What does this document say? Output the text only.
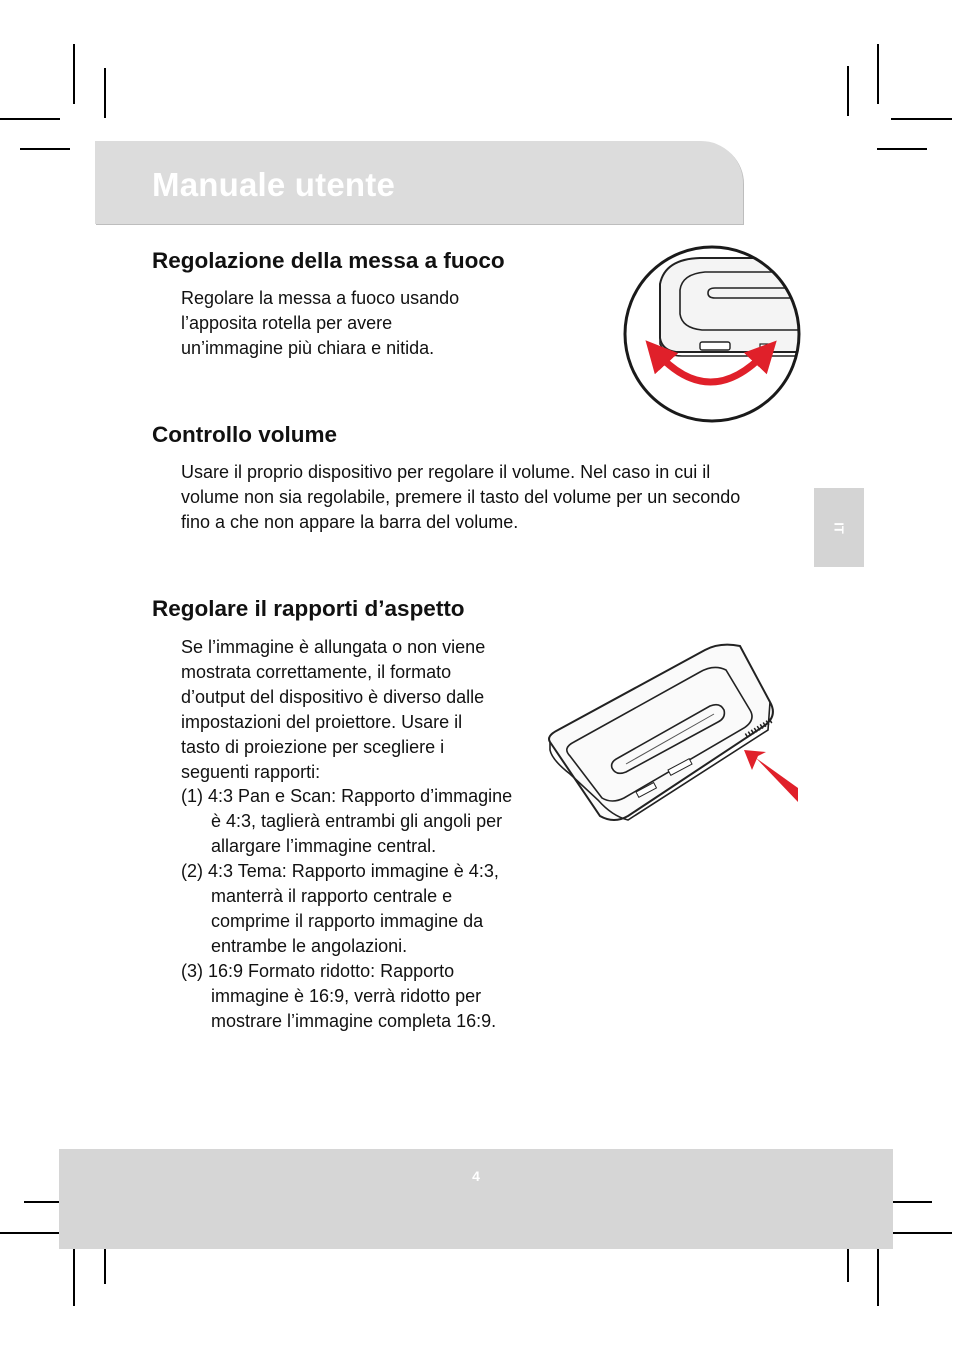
Manuale utente
Regolazione della messa a fuoco

Regolare la messa a fuoco usando
l’apposita rotella per avere
un’immagine più chiara e nitida.

Controllo volume

Usare il proprio dispositivo per regolare il volume. Nel caso in cui il
volume non sia regolabile, premere il tasto del volume per un secondo
fino a che non appare la barra del volume.	IT
Regolare il rapporti d’aspetto

Se l’immagine è allungata o non viene
mostrata correttamente, il formato
d’output del dispositivo è diverso dalle
impostazioni del proiettore. Usare il
tasto di proiezione per scegliere i
seguenti rapporti:

(1) 4:3 Pan e Scan: Rapporto d’immagine è 4:3, taglierà entrambi gli angoli per allargare l’immagine central.
(2) 4:3 Tema: Rapporto immagine è 4:3, manterrà il rapporto centrale e comprime il rapporto immagine da entrambe le angolazioni.
(3) 16:9 Formato ridotto: Rapporto immagine è 16:9, verrà ridotto per mostrare l’immagine completa 16:9.
4
